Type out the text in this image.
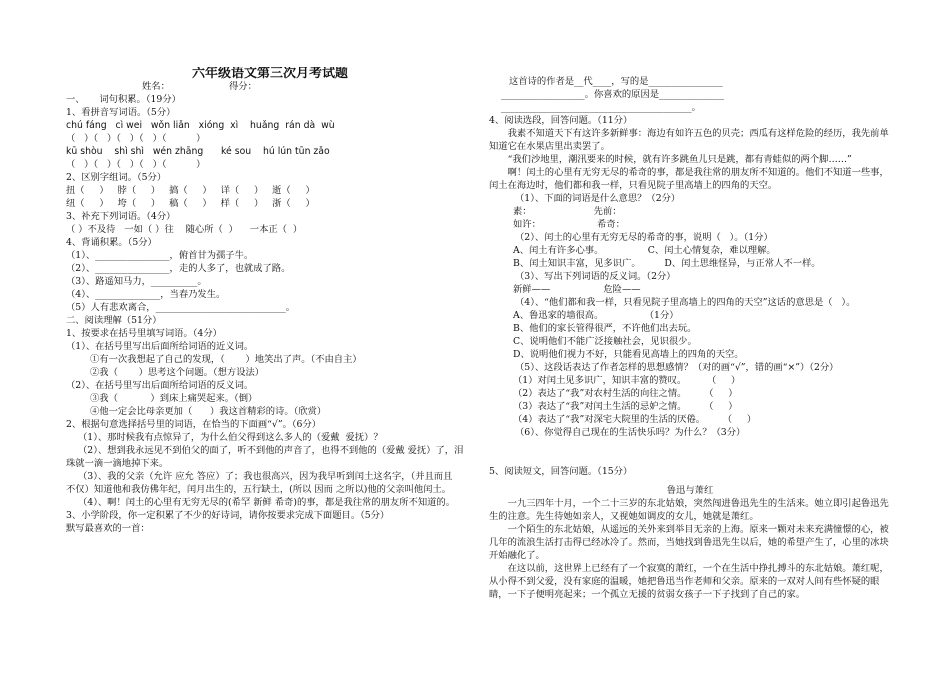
六年级语文第三次月考试题
姓名：                    得分：
一、     词句积累。（19分）
1、看拼音写词语。（5分）
chú fáng   cì wei   wǒn liǎn   xióng  xì    huǎng  rán dà  wù
（   ）（   ）（   ）（   ）（          ）
kū shòu    shì shì   wén zhāng      ké sou    hú lún tūn zǎo
（   ）（   ）（   ）（   ）（          ）
2、区别字组词。（5分）
扭（     ）   脖（     ）   搞（     ）   详（     ）   逝（     ）
纽（     ）   垮（     ）   稿（     ）   样（     ）   浙（     ）
3、补充下列词语。（4分）
（ ）不及待   一如（ ）往    随心所（  ）    一本正（  ）
4、背诵积累。（5分）
（1）、________________，俯首甘为孺子牛。
（2）、________________，走的人多了，也就成了路。
（3）、路遥知马力，__________。
（4）、______________，当春乃发生。
（5）人有悲欢离合，____________________________。
二、阅读理解（51分）
1、按要求在括号里填写词语。（4分）
（1）、在括号里写出后面所给词语的近义词。
①有一次我想起了自己的发现，（       ）地笑出了声。（不由自主）
②我（       ）思考这个问题。（想方设法）
（2）、在括号里写出后面所给词语的反义词。
③我（           ）到床上痛哭起来。（倒）
④他一定会比母亲更加（      ）我这首精彩的诗。（欣赏）
2、根据句意选择括号里的词语，在恰当的下面画“√”。（6分）
（1）、那时候我有点惊异了，为什么伯父得到这么多人的（爱戴  爱抚）？
（2）、想到我永远见不到伯父的面了，听不到他的声音了，也得不到他的（爱戴 爱抚）了，泪珠就一滴一滴地掉下来。
（3）、我的父亲（允许 应允 答应）了；我也很高兴，因为我早听到闰土这名字，（并且而且 不仅）知道他和我仿佛年纪，闰月出生的，五行缺土，(所以 因而 之所以)他的父亲叫他闰土。
（4）、啊！闰土的心里有无穷无尽的(希罕 新鲜 希奇)的事，都是我往常的朋友所不知道的。
3、小学阶段，你一定积累了不少的好诗词，请你按要求完成下面题目。（5分）
默写最喜欢的一首：
这首诗的作者是__代____，写的是________________
__________________。你喜欢的原因是______________
_________________________________________。
4、阅读选段，回答问题。（11分）
我素不知道天下有这许多新鲜事：海边有如许五色的贝壳；西瓜有这样危险的经历，我先前单知道它在水果店里出卖罢了。
“我们沙地里，潮汛要来的时候，就有许多跳鱼儿只是跳，都有青蛙似的两个脚……”
啊！闰土的心里有无穷无尽的希奇的事，都是我往常的朋友所不知道的。他们不知道一些事，闰土在海边时，他们都和我一样，只看见院子里高墙上的四角的天空。
（1）、下面的词语是什么意思？（2分）
素：                     先前：
如许：                   希奇：
（2）、闰土的心里有无穷无尽的希奇的事，说明（   ）。（1分）
A、闰土有许多心事。               C、闰土心情复杂，难以理解。
B、闰土知识丰富，见多识广。        D、闰土思维怪异，与正常人不一样。
（3）、写出下列词语的反义词。（2分）
新鲜——                  危险——
（4）、“他们都和我一样，只看见院子里高墙上的四角的天空”这话的意思是（   ）。
A、鲁迅家的墙很高。              （1分）
B、他们的家长管得很严，不许他们出去玩。
C、说明他们不能广泛接触社会，见识很少。
D、说明他们视力不好，只能看见高墙上的四角的天空。
（5）、这段话表达了作者怎样的思想感情？（对的画“√”，错的画“×”）（2分）
（1）对闰土见多识广，知识丰富的赞叹。       （     ）
（2）表达了“我”对农村生活的向往之情。      （     ）
（3）表达了“我”对闰土生活的忌妒之情。      （     ）
（4）表达了“我”对深宅大院里的生活的厌倦。      （     ）
（6）、你觉得自己现在的生活快乐吗？为什么？（3分）
5、阅读短文，回答问题。（15分）
鲁迅与萧红
一九三四年十月，一个二十三岁的东北姑娘，突然闯进鲁迅先生的生活来。她立即引起鲁迅先生的注意。先生待她如亲人，又视她如调皮的女儿，她就是萧红。
一个陌生的东北姑娘，从遥远的关外来到举目无亲的上海。原来一颗对未来充满憧憬的心，被几年的流浪生活打击得已经冰冷了。然而，当她找到鲁迅先生以后，她的希望产生了，心里的冰块开始融化了。
在这以前，这世界上已经有了一个寂寞的萧红，一个在生活中挣扎搏斗的东北姑娘。萧红呢，从小得不到父爱，没有家庭的温暖，她把鲁迅当作老师和父亲。原来的一双对人间有些怀疑的眼睛，一下子便明亮起来；一个孤立无援的贫弱女孩子一下子找到了自己的家。
